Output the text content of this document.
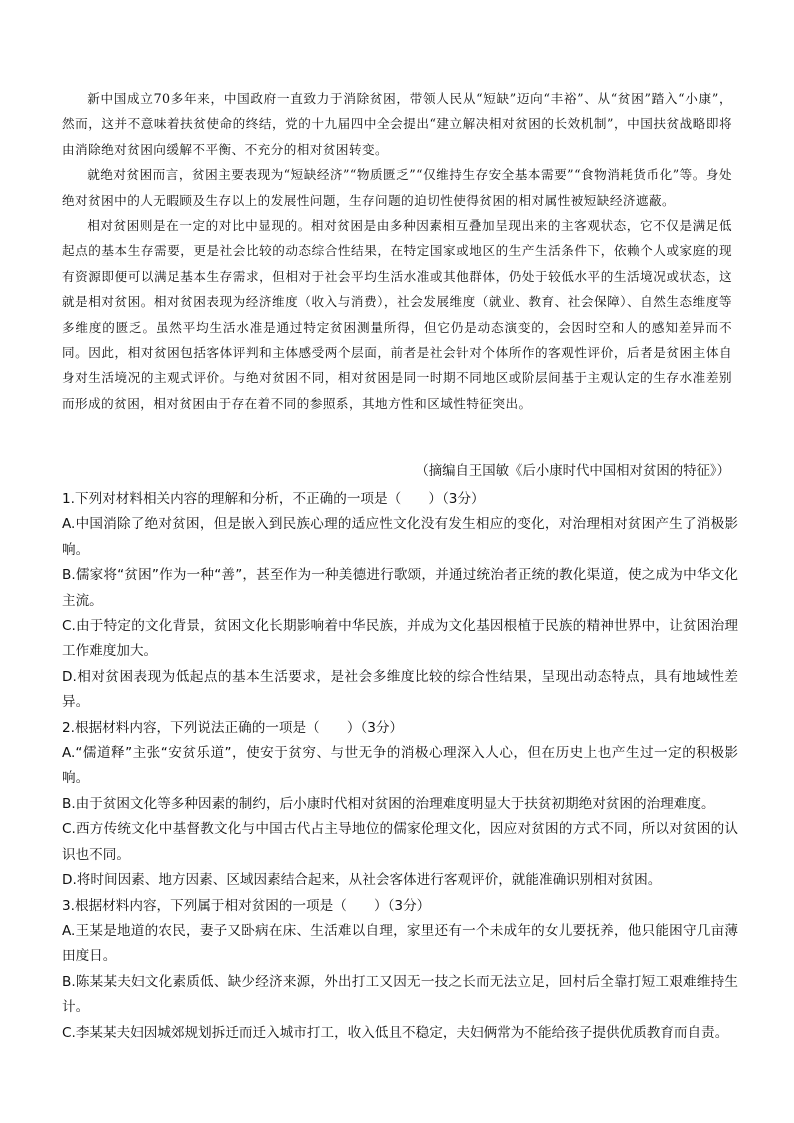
新中国成立70多年来，中国政府一直致力于消除贫困，带领人民从“短缺”迈向“丰裕”、从“贫困”踏入“小康”，然而，这并不意味着扶贫使命的终结，党的十九届四中全会提出“建立解决相对贫困的长效机制”，中国扶贫战略即将由消除绝对贫困向缓解不平衡、不充分的相对贫困转变。

就绝对贫困而言，贫困主要表现为“短缺经济”“物质匮乏”“仅维持生存安全基本需要”“食物消耗货币化”等。身处绝对贫困中的人无暇顾及生存以上的发展性问题，生存问题的迫切性使得贫困的相对属性被短缺经济遮蔽。

相对贫困则是在一定的对比中显现的。相对贫困是由多种因素相互叠加呈现出来的主客观状态，它不仅是满足低起点的基本生存需要，更是社会比较的动态综合性结果，在特定国家或地区的生产生活条件下，依赖个人或家庭的现有资源即便可以满足基本生存需求，但相对于社会平均生活水准或其他群体，仍处于较低水平的生活境况或状态，这就是相对贫困。相对贫困表现为经济维度（收入与消费），社会发展维度（就业、教育、社会保障）、自然生态维度等多维度的匮乏。虽然平均生活水准是通过特定贫困测量所得，但它仍是动态演变的，会因时空和人的感知差异而不同。因此，相对贫困包括客体评判和主体感受两个层面，前者是社会针对个体所作的客观性评价，后者是贫困主体自身对生活境况的主观式评价。与绝对贫困不同，相对贫困是同一时期不同地区或阶层间基于主观认定的生存水准差别而形成的贫困，相对贫困由于存在着不同的参照系，其地方性和区域性特征突出。

（摘编自王国敏《后小康时代中国相对贫困的特征》）

1.下列对材料相关内容的理解和分析，不正确的一项是（　　）（3分）

A.中国消除了绝对贫困，但是嵌入到民族心理的适应性文化没有发生相应的变化，对治理相对贫困产生了消极影响。

B.儒家将“贫困”作为一种“善”，甚至作为一种美德进行歌颂，并通过统治者正统的教化渠道，使之成为中华文化主流。

C.由于特定的文化背景，贫困文化长期影响着中华民族，并成为文化基因根植于民族的精神世界中，让贫困治理工作难度加大。

D.相对贫困表现为低起点的基本生活要求，是社会多维度比较的综合性结果，呈现出动态特点，具有地域性差异。

2.根据材料内容，下列说法正确的一项是（　　）（3分）

A.“儒道释”主张“安贫乐道”，使安于贫穷、与世无争的消极心理深入人心，但在历史上也产生过一定的积极影响。

B.由于贫困文化等多种因素的制约，后小康时代相对贫困的治理难度明显大于扶贫初期绝对贫困的治理难度。

C.西方传统文化中基督教文化与中国古代占主导地位的儒家伦理文化，因应对贫困的方式不同，所以对贫困的认识也不同。

D.将时间因素、地方因素、区域因素结合起来，从社会客体进行客观评价，就能准确识别相对贫困。

3.根据材料内容，下列属于相对贫困的一项是（　　）（3分）

A.王某是地道的农民，妻子又卧病在床、生活难以自理，家里还有一个未成年的女儿要抚养，他只能困守几亩薄田度日。

B.陈某某夫妇文化素质低、缺少经济来源，外出打工又因无一技之长而无法立足，回村后全靠打短工艰难维持生计。

C.李某某夫妇因城郊规划拆迁而迁入城市打工，收入低且不稳定，夫妇俩常为不能给孩子提供优质教育而自责。
